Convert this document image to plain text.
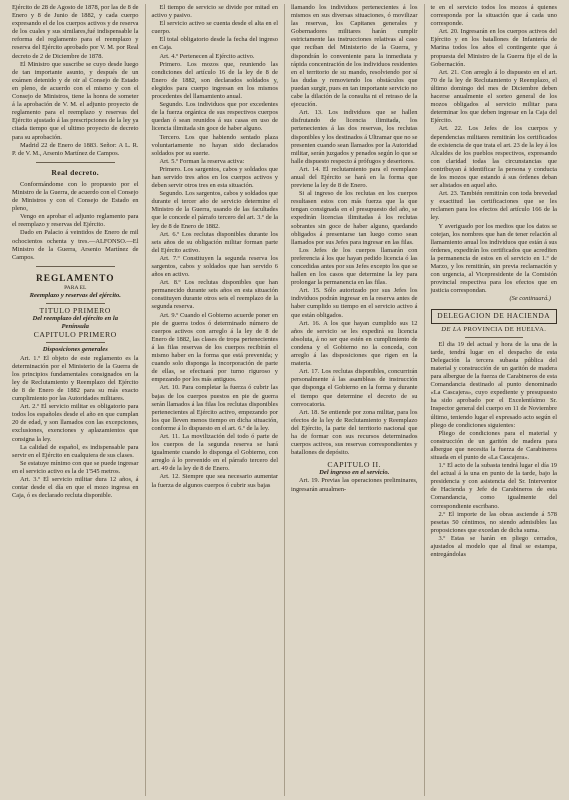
Ejército de 28 de Agosto de 1878, por las de 8 de Enero y 8 de Junio de 1882, y cada cuerpo expresando el de los cuerpos activos y de reserva de los cuales y sus similares,fué indispensable la reforma del reglamento para el reemplazo y reserva del Ejército aprobado por V. M. por Real decreto de 2 de Diciembre de 1878.

El Ministro que suscribe se cuyo desde luego de tan importante asunto, y después de un exámen detenido y de oir al Consejo de Estado en pleno, de acuerdo con el mismo y con el Consejo de Ministros, tiene la honra de someter á la aprobación de V. M. el adjunto proyecto de reglamento para el reemplazo y reservas del Ejército ajustado á las prescripciones de la ley ya citada tiempo que el ultimo proyecto de decreto para su aprobación.

Madrid 22 de Enero de 1883. Señor: A L. R. P. de V. M., Arsenio Martínez de Campos.

Real decreto.

Conformándome con lo propuesto por el Ministro de la Guerra, de acuerdo con el Consejo de Ministros y con el Consejo de Estado en pleno,

Vengo en aprobar el adjunto reglamento para el reemplazo y reservas del Ejército.

Dado en Palacio á veintidos de Enero de mil ochocientos ochenta y tres.—ALFONSO.—El Ministro de la Guerra, Arsenio Martínez de Campos.

REGLAMENTO
PARA EL
Reemplazo y reservas del ejército.
TITULO PRIMERO
Del reemplazo del ejército en la
Península
CAPITULO PRIMERO
Disposiciones generales

Art. 1.º El objeto de este reglamento es la determinación por el Ministerio de la Guerra de los principios fundamentales consignados en la ley de Reclutamiento y Reemplazo del Ejército de 8 de Enero de 1882 para su más exacto cumplimiento por las Autoridades militares.

Art. 2.º El servicio militar es obligatorio para todos los españoles desde el año en que cumplan 20 de edad, y son llamados con las excepciones, exclusiones, exenciones y aplazamientos que consigna la ley.

La calidad de español, es indispensable para servir en el Ejército en cualquiera de sus clases.

Se estatuye mínimo con que se puede ingresar en el servicio activo es la de 1'545 metros.

Art. 3.º El servicio militar dura 12 años, á contar desde el día en que el mozo ingresa en Caja, ó es declarado recluta disponible.

El tiempo de servicio se divide por mitad en activo y pasivo.

El servicio activo se cuenta desde el alta en el cuerpo.

El total obligatorio desde la fecha del ingreso en Caja.

Art. 4.º Pertenecen al Ejército activo.

Primero. Los mozos que, reuniendo las condiciones del artículo 16 de la ley de 8 de Enero de 1882, son declarados soldados y, elegidos para cuerpo ingresan en los mismos procedentes del llamamiento anual.

Segundo. Los individuos que por excedentes de la fuerza orgánica de sus respectivos cuerpos quedan ó sean reunidos á sus casas en uso de licencia ilimitada sin goce de haber alguno.

Tercero. Los que habiendo sentado plaza voluntariamente no hayan sido declarados soldados por su suerte.

Art. 5.º Forman la reserva activa:

Primero. Los sargentos, cabos y soldados que han servido tres años en los cuerpos activos y deben servir otros tres en esta situación.

Segundo. Los sargentos, cabos y soldados que durante el tercer año de servicio determine el Ministro de la Guerra, usando de las facultades que le concede el párrafo tercero del art. 3.º de la ley de 8 de Enero de 1882.

Art. 6.º Los reclutas disponibles durante los seis años de su obligación militar forman parte del Ejército activo.

Art. 7.º Constituyen la segunda reserva los sargentos, cabos y soldados que han servido 6 años en activo.

Art. 8.º Los reclutas disponibles que han permanecido durante seis años en esta situación constituyen durante otros seis el reemplazo de la segunda reserva.

Art. 9.º Cuando el Gobierno acuerde poner en pie de guerra todos ó determinado número de cuerpos activos con arreglo á la ley de 8 de Enero de 1882, las clases de tropa pertenecientes á las filas reservas de los cuerpos recibirán el mismo haber en la forma que está prevenida; y cuando solo disponga la incorporación de parte de ellas, se efectuará por turno riguroso y empezando por los más antiguos.

Art. 10. Para completar la fuerza ó cubrir las bajas de los cuerpos puestos en pie de guerra serán llamados á las filas los reclutas disponibles pertenecientes al Ejército activo, empezando por los que lleven menos tiempo en dicha situación, conforme á lo dispuesto en el art. 6.º de la ley.

Art. 11. La movilización del todo ó parte de los cuerpos de la segunda reserva se hará igualmente cuando lo disponga el Gobierno, con arreglo á lo prevenido en el párrafo tercero del art. 49 de la ley de 8 de Enero.

Art. 12. Siempre que sea necesario aumentar la fuerza de algunos cuerpos ó cubrir sus bajas

llamando los individuos pertenecientes á los mismos en sus diversas situaciones, ó movilizar las reservas, los Capitanes generales y Gobernadores militares harán cumplir estrictamente las instrucciones relativas al caso que reciban del Ministerio de la Guerra, y dispondrán lo conveniente para la inmediata y rápida concentración de los individuos residentes en el territorio de su mando, resolviendo por sí las dudas y removiendo los obstáculos que puedan surgir, pues en tan importante servicio no cabe la dilación de la consulta ni el retraso de la ejecución.

Art. 13. Los individuos que se hallen disfrutando de licencia ilimitada, los pertenecientes á las dos reservas, los reclutas disponibles y los destinados á Ultramar que no se presenten cuando sean llamados por la Autoridad militar, serán juzgados y penados según lo que se halle dispuesto respecto á prófugos y desertores.

Art. 14. El reclutamiento para el reemplazo anual del Ejército se hará en la forma que previene la ley de 8 de Enero.

Si al ingreso de los reclutas en los cuerpos resultasen estos con más fuerza que la que tengan consignada en el presupuesto del año, se expedirán licencias ilimitadas á los reclutas sobrantes sin goce de haber alguno, quedando obligados á presentarse tan luego como sean llamados por sus Jefes para ingresar en las filas.

Los Jefes de los cuerpos llamarán con preferencia á los que hayan pedido licencia ó las concedidas antes por sus Jefes excepto los que se hallen en los casos que determine la ley para prolongar la permanencia en las filas.

Art. 15. Sólo autorizado por sus Jefes los individuos podrán ingresar en la reserva antes de haber cumplido su tiempo en el servicio activo á que están obligados.

Art. 16. A los que hayan cumplido sus 12 años de servicio se les expedirá su licencia absoluta, á no ser que estén en cumplimiento de condena y el Gobierno no la conceda, con arreglo á las disposiciones que rigen en la materia.

Art. 17. Los reclutas disponibles, concurrirán personalmente á las asambleas de instrucción que disponga el Gobierno en la forma y durante el tiempo que determine el decreto de su convocatoria.

Art. 18. Se entiende por zona militar, para los efectos de la ley de Reclutamiento y Reemplazo del Ejército, la parte del territorio nacional que ha de formar con sus recursos determinados cuerpos activos, sus reservas correspondientes y batallones de depósito.

CAPITULO II.
Del ingreso en el servicio.

Art. 19. Previas las operaciones preliminares, ingresarán anualmen-

te en el servicio todos los mozos á quienes corresponda por la situación que á cada uno corresponde.

Art. 20. Ingresarán en los cuerpos activos del Ejército y en los batallones de Infantería de Marina todos los años el contingente que á propuesta del Ministro de la Guerra fije el de la Gobernación.

Art. 21. Con arreglo á lo dispuesto en el art. 70 de la ley de Reclutamiento y Reemplazo, el último domingo del mes de Diciembre deben hacerse anualmente el sorteo general de los mozos obligados al servicio militar para determinar los que deben ingresar en la Caja del Ejército.

Art. 22. Los Jefes de los cuerpos y dependencias militares remitirán los certificados de existencia de que trata el art. 23 de la ley á los Alcaldes de los pueblos respectivos, expresando con claridad todas las circunstancias que contribuyan á identificar la persona y conducta de los mozos que estando á sus órdenes deban ser alistados en aquel año.

Art. 23. También remitirán con toda brevedad y exactitud las certificaciones que se les reclamen para los efectos del artículo 166 de la ley.

Y averiguado por los medios que los datos se cotejan, los nombres que han de tener relación al llamamiento anual los individuos que están á sus órdenes, expedirán los certificados que acrediten la permanencia de estos en el servicio en 1.º de Marzo, y los remitirán, sin previa reclamación y con urgencia, al Vicepresidente de la Comisión provincial respectiva para los efectos que en justicia correspondan.

(Se continuará.)

DELEGACION DE HACIENDA
DE LA PROVINCIA DE HUELVA.

El dia 19 del actual y hora de la una de la tarde, tendrá lugar en el despacho de esta Delegación la tercera subasta pública del material y construcción de un garitón de madera para albergue de la fuerza de Carabineros de esta Comandancia destinado al punto denominado «La Cascajera», cuyo expediente y presupuesto ha sido aprobado por el Excelentísimo Sr. Inspector general del cuerpo en 11 de Noviembre último, teniendo lugar el expresado acto según el pliego de condiciones siguientes:

Pliego de condiciones para el material y construcción de un garitón de madera para albergue que necesita la fuerza de Carabineros situada en el punto de «La Cascajera».

1.º El acto de la subasta tendrá lugar el día 19 del actual á la una en punto de la tarde, bajo la presidencia y con asistencia del Sr. Interventor de Hacienda y Jefe de Carabineros de esta Comandancia, como igualmente del correspondiente escribano.

2.º El importe de las obras asciende á 578 pesetas 50 céntimos, no siendo admisibles las proposiciones que excedan de dicha suma.

3.º Estas se harán en pliego cerrados, ajustados al modelo que al final se estampa, entregándolas
